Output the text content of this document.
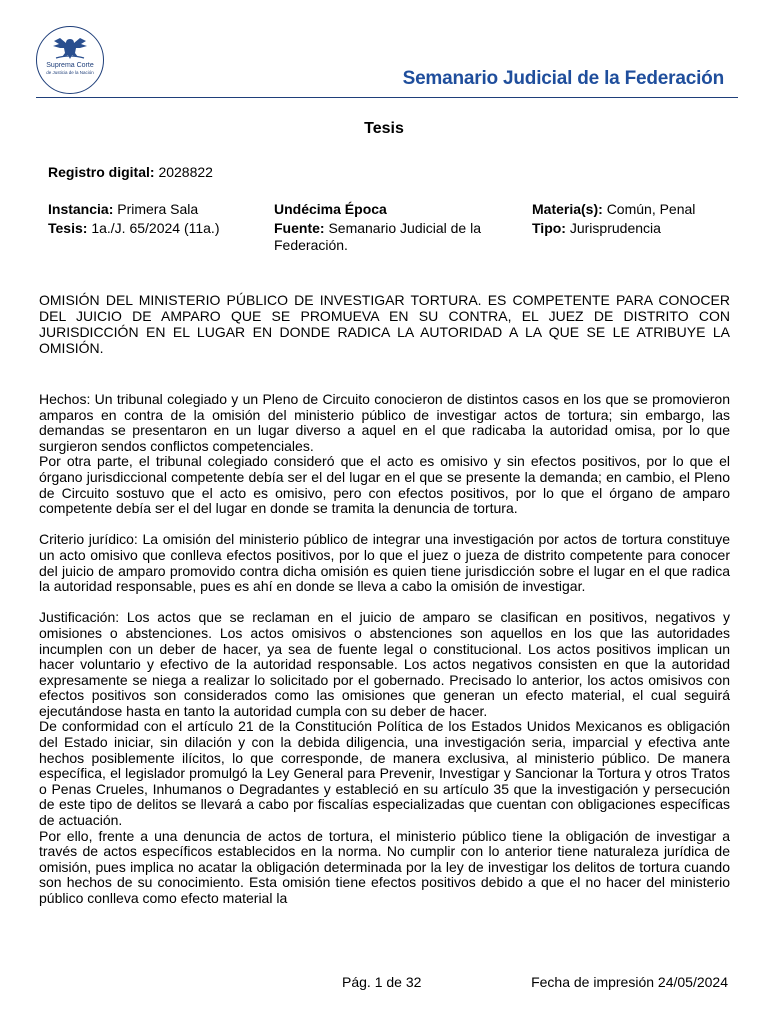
Suprema Corte
de Justicia de la Nación	Semanario Judicial de la Federación
Tesis
Registro digital: 2028822
Instancia: Primera Sala
Tesis: 1a./J. 65/2024 (11a.)
Undécima Época
Fuente: Semanario Judicial de la Federación.
Materia(s): Común, Penal
Tipo: Jurisprudencia
OMISIÓN DEL MINISTERIO PÚBLICO DE INVESTIGAR TORTURA. ES COMPETENTE PARA CONOCER DEL JUICIO DE AMPARO QUE SE PROMUEVA EN SU CONTRA, EL JUEZ DE DISTRITO CON JURISDICCIÓN EN EL LUGAR EN DONDE RADICA LA AUTORIDAD A LA QUE SE LE ATRIBUYE LA OMISIÓN.

Hechos: Un tribunal colegiado y un Pleno de Circuito conocieron de distintos casos en los que se promovieron amparos en contra de la omisión del ministerio público de investigar actos de tortura; sin embargo, las demandas se presentaron en un lugar diverso a aquel en el que radicaba la autoridad omisa, por lo que surgieron sendos conflictos competenciales.

Por otra parte, el tribunal colegiado consideró que el acto es omisivo y sin efectos positivos, por lo que el órgano jurisdiccional competente debía ser el del lugar en el que se presente la demanda; en cambio, el Pleno de Circuito sostuvo que el acto es omisivo, pero con efectos positivos, por lo que el órgano de amparo competente debía ser el del lugar en donde se tramita la denuncia de tortura.

Criterio jurídico: La omisión del ministerio público de integrar una investigación por actos de tortura constituye un acto omisivo que conlleva efectos positivos, por lo que el juez o jueza de distrito competente para conocer del juicio de amparo promovido contra dicha omisión es quien tiene jurisdicción sobre el lugar en el que radica la autoridad responsable, pues es ahí en donde se lleva a cabo la omisión de investigar.

Justificación: Los actos que se reclaman en el juicio de amparo se clasifican en positivos, negativos y omisiones o abstenciones. Los actos omisivos o abstenciones son aquellos en los que las autoridades incumplen con un deber de hacer, ya sea de fuente legal o constitucional. Los actos positivos implican un hacer voluntario y efectivo de la autoridad responsable. Los actos negativos consisten en que la autoridad expresamente se niega a realizar lo solicitado por el gobernado. Precisado lo anterior, los actos omisivos con efectos positivos son considerados como las omisiones que generan un efecto material, el cual seguirá ejecutándose hasta en tanto la autoridad cumpla con su deber de hacer.

De conformidad con el artículo 21 de la Constitución Política de los Estados Unidos Mexicanos es obligación del Estado iniciar, sin dilación y con la debida diligencia, una investigación seria, imparcial y efectiva ante hechos posiblemente ilícitos, lo que corresponde, de manera exclusiva, al ministerio público. De manera específica, el legislador promulgó la Ley General para Prevenir, Investigar y Sancionar la Tortura y otros Tratos o Penas Crueles, Inhumanos o Degradantes y estableció en su artículo 35 que la investigación y persecución de este tipo de delitos se llevará a cabo por fiscalías especializadas que cuentan con obligaciones específicas de actuación.

Por ello, frente a una denuncia de actos de tortura, el ministerio público tiene la obligación de investigar a través de actos específicos establecidos en la norma. No cumplir con lo anterior tiene naturaleza jurídica de omisión, pues implica no acatar la obligación determinada por la ley de investigar los delitos de tortura cuando son hechos de su conocimiento. Esta omisión tiene efectos positivos debido a que el no hacer del ministerio público conlleva como efecto material la

Pág. 1 de 32	Fecha de impresión 24/05/2024
